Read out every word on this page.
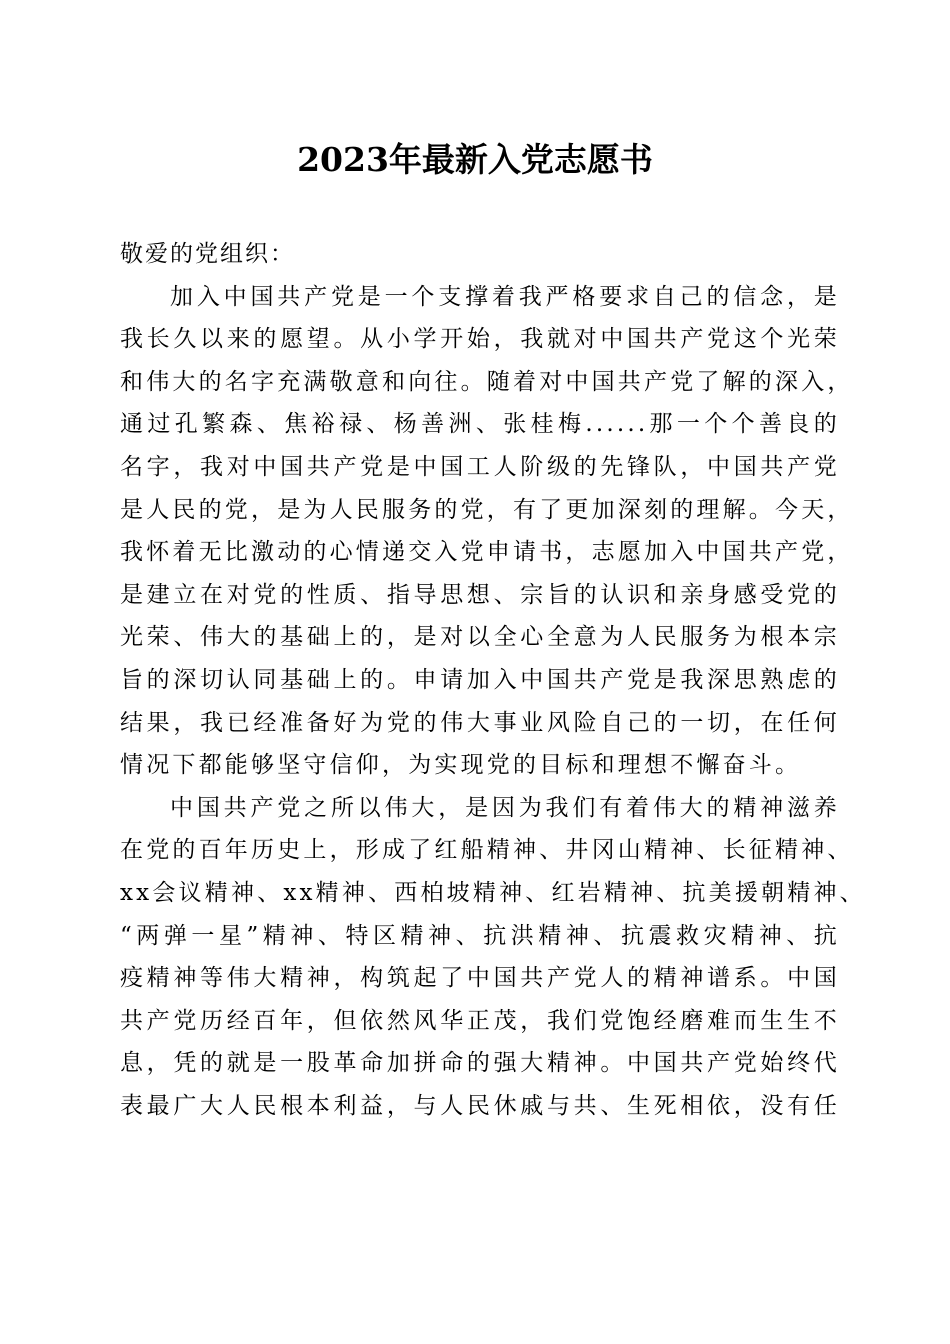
2023年最新入党志愿书

敬爱的党组织：

加入中国共产党是一个支撑着我严格要求自己的信念，是
我长久以来的愿望。从小学开始，我就对中国共产党这个光荣
和伟大的名字充满敬意和向往。随着对中国共产党了解的深入，
通过孔繁森、焦裕禄、杨善洲、张桂梅......那一个个善良的
名字，我对中国共产党是中国工人阶级的先锋队，中国共产党
是人民的党，是为人民服务的党，有了更加深刻的理解。今天，
我怀着无比激动的心情递交入党申请书，志愿加入中国共产党，
是建立在对党的性质、指导思想、宗旨的认识和亲身感受党的
光荣、伟大的基础上的，是对以全心全意为人民服务为根本宗
旨的深切认同基础上的。申请加入中国共产党是我深思熟虑的
结果，我已经准备好为党的伟大事业风险自己的一切，在任何
情况下都能够坚守信仰，为实现党的目标和理想不懈奋斗。
中国共产党之所以伟大，是因为我们有着伟大的精神滋养
在党的百年历史上，形成了红船精神、井冈山精神、长征精神、
xx会议精神、xx精神、西柏坡精神、红岩精神、抗美援朝精神、
“两弹一星”精神、特区精神、抗洪精神、抗震救灾精神、抗
疫精神等伟大精神，构筑起了中国共产党人的精神谱系。中国
共产党历经百年，但依然风华正茂，我们党饱经磨难而生生不
息，凭的就是一股革命加拼命的强大精神。中国共产党始终代
表最广大人民根本利益，与人民休戚与共、生死相依，没有任
